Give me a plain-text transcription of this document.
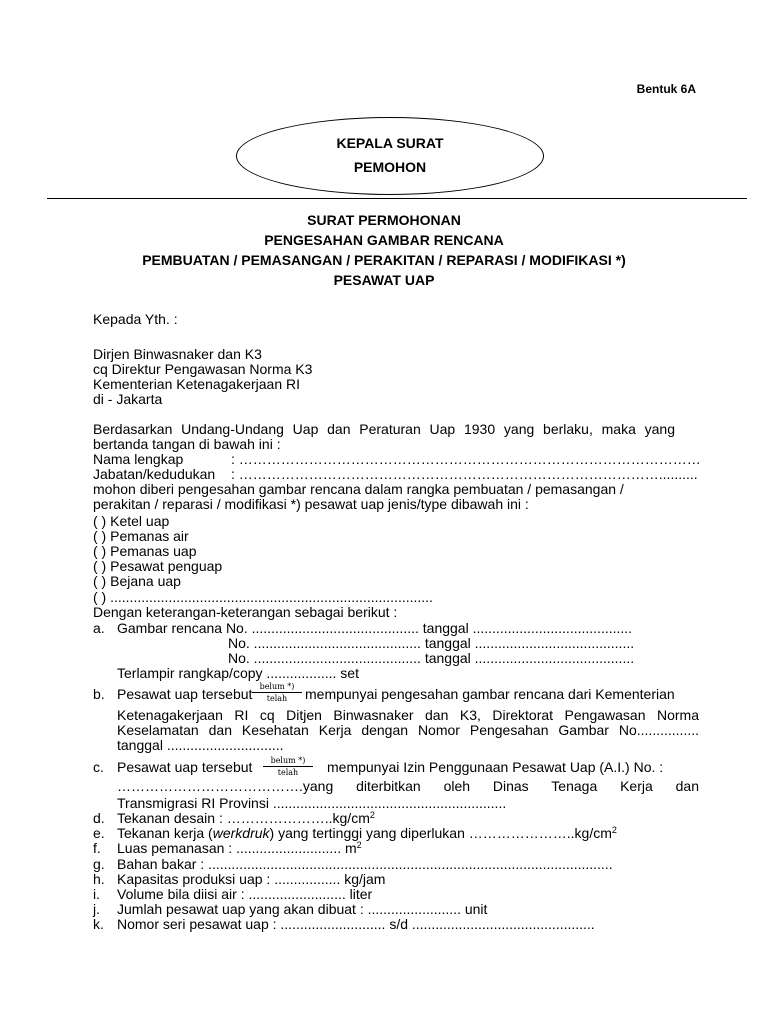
Bentuk 6A
KEPALA SURAT
PEMOHON
SURAT PERMOHONAN
PENGESAHAN GAMBAR RENCANA
PEMBUATAN / PEMASANGAN / PERAKITAN / REPARASI / MODIFIKASI *)
PESAWAT UAP
Kepada Yth. :
Dirjen Binwasnaker dan K3
cq Direktur Pengawasan Norma K3
Kementerian Ketenagakerjaan RI
di - Jakarta
Berdasarkan Undang-Undang Uap dan Peraturan Uap 1930 yang berlaku, maka yang
bertanda tangan di bawah ini :
Nama lengkap	: ………………………………………………………………………………………
Jabatan/kedudukan : ………………………………………………………………………………..........
mohon diberi pengesahan gambar rencana dalam rangka pembuatan / pemasangan /
perakitan / reparasi / modifikasi *) pesawat uap jenis/type dibawah ini :
( ) Ketel uap
( ) Pemanas air
( ) Pemanas uap
( ) Pesawat penguap
( ) Bejana uap
( ) ...................................................................................
Dengan keterangan-keterangan sebagai berikut :
a. Gambar rencana No. ........................................... tanggal .........................................
No. ........................................... tanggal .........................................
No. ........................................... tanggal .........................................
Terlampir rangkap/copy .................. set
b. Pesawat uap tersebut belum *)
telah	mempunyai pengesahan gambar rencana dari Kementerian
Ketenagakerjaan RI cq Ditjen Binwasnaker dan K3, Direktorat Pengawasan Norma
Keselamatan dan Kesehatan Kerja dengan Nomor Pengesahan Gambar No................
tanggal ..............................
c. Pesawat uap tersebut	belum *)
telah	mempunyai Izin Penggunaan Pesawat Uap (A.I.) No. :
………………………………….yang diterbitkan oleh Dinas Tenaga Kerja dan
Transmigrasi RI Provinsi ............................................................
d. Tekanan desain : $\dots\dots\dots\dots\dots\dots\dots..kg/cm^2$
e. Tekanan kerja (werkdruk) yang tertinggi yang diperlukan $\dots\dots\dots\dots\dots\dots\dots..kg/cm^2$
f. Luas pemanasan : ........................... $m^2$
g. Bahan bakar : ........................................................................................................
h. Kapasitas produksi uap : ................. kg/jam
i. Volume bila diisi air : ......................... liter
j. Jumlah pesawat uap yang akan dibuat : ........................ unit
k. Nomor seri pesawat uap : ........................... s/d ...............................................
